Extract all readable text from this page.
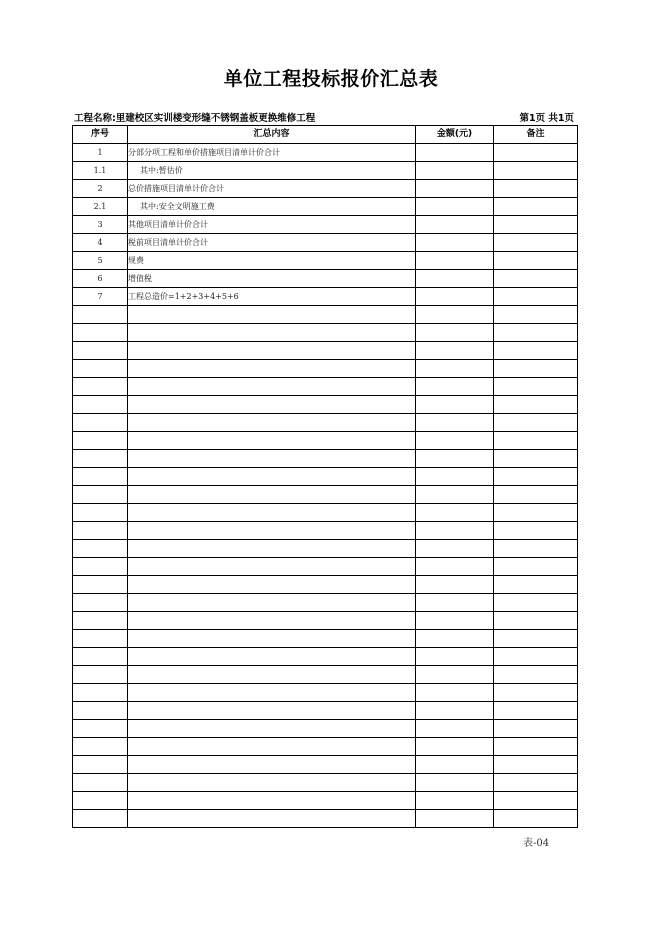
单位工程投标报价汇总表
工程名称:里建校区实训楼变形缝不锈钢盖板更换维修工程	第1页 共1页
序号	汇总内容	金额(元)	备注
1	分部分项工程和单价措施项目清单计价合计		
1.1	其中:暂估价		
2	总价措施项目清单计价合计		
2.1	其中:安全文明施工费		
3	其他项目清单计价合计		
4	税前项目清单计价合计		
5	规费		
6	增值税		
7	工程总造价=1+2+3+4+5+6		

表-04
